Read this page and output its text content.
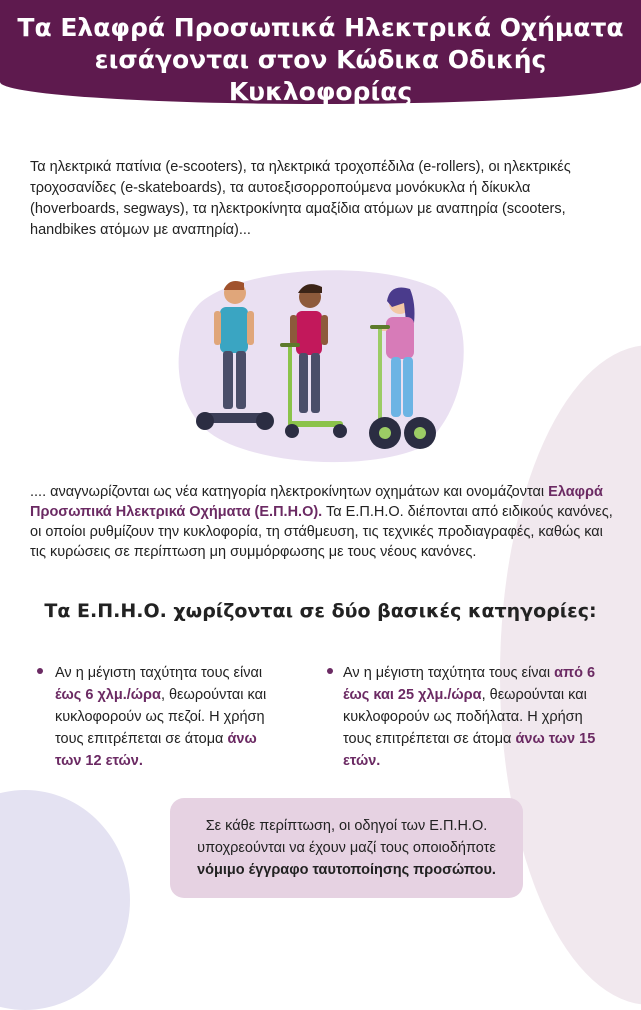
Τα Ελαφρά Προσωπικά Ηλεκτρικά Οχήματα
εισάγονται στον Κώδικα Οδικής Κυκλοφορίας
Τα ηλεκτρικά πατίνια (e-scooters), τα ηλεκτρικά τροχοπέδιλα (e-rollers), οι ηλεκτρικές τροχοσανίδες (e-skateboards), τα αυτοεξισορροπούμενα μονόκυκλα ή δίκυκλα (hoverboards, segways), τα ηλεκτροκίνητα αμαξίδια ατόμων με αναπηρία (scooters, handbikes ατόμων με αναπηρία)...
.... αναγνωρίζονται ως νέα κατηγορία ηλεκτροκίνητων οχημάτων και ονομάζονται Ελαφρά Προσωπικά Ηλεκτρικά Οχήματα (Ε.Π.Η.Ο). Τα Ε.Π.Η.Ο. διέπονται από ειδικούς κανόνες, οι οποίοι ρυθμίζουν την κυκλοφορία, τη στάθμευση, τις τεχνικές προδιαγραφές, καθώς και τις κυρώσεις σε περίπτωση μη συμμόρφωσης με τους νέους κανόνες.
Τα Ε.Π.Η.Ο. χωρίζονται σε δύο βασικές κατηγορίες:
Αν η μέγιστη ταχύτητα τους είναι έως 6 χλμ./ώρα, θεωρούνται και κυκλοφορούν ως πεζοί. Η χρήση τους επιτρέπεται σε άτομα άνω των 12 ετών.
Αν η μέγιστη ταχύτητα τους είναι από 6 έως και 25 χλμ./ώρα, θεωρούνται και κυκλοφορούν ως ποδήλατα. Η χρήση τους επιτρέπεται σε άτομα άνω των 15 ετών.
Σε κάθε περίπτωση, οι οδηγοί των Ε.Π.Η.Ο. υποχρεούνται να έχουν μαζί τους οποιοδήποτε νόμιμο έγγραφο ταυτοποίησης προσώπου.
